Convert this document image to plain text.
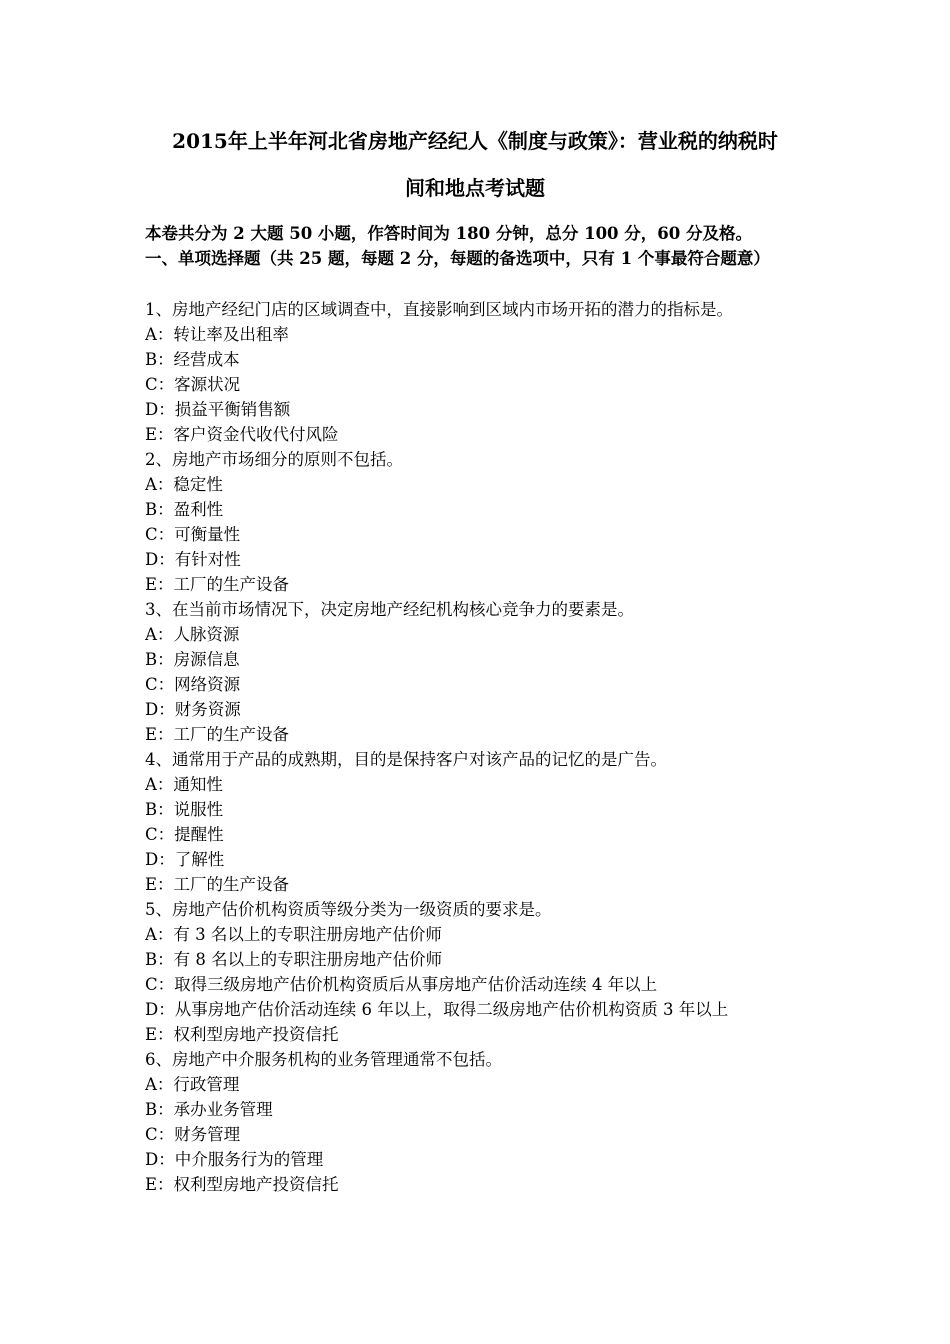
2015年上半年河北省房地产经纪人《制度与政策》：营业税的纳税时
间和地点考试题
本卷共分为 2 大题 50 小题，作答时间为 180 分钟，总分 100 分，60 分及格。
一、单项选择题（共 25 题，每题 2 分，每题的备选项中，只有 1 个事最符合题意）
1、房地产经纪门店的区域调查中，直接影响到区域内市场开拓的潜力的指标是。
A：转让率及出租率
B：经营成本
C：客源状况
D：损益平衡销售额
E：客户资金代收代付风险
2、房地产市场细分的原则不包括。
A：稳定性
B：盈利性
C：可衡量性
D：有针对性
E：工厂的生产设备
3、在当前市场情况下，决定房地产经纪机构核心竞争力的要素是。
A：人脉资源
B：房源信息
C：网络资源
D：财务资源
E：工厂的生产设备
4、通常用于产品的成熟期，目的是保持客户对该产品的记忆的是广告。
A：通知性
B：说服性
C：提醒性
D：了解性
E：工厂的生产设备
5、房地产估价机构资质等级分类为一级资质的要求是。
A：有 3 名以上的专职注册房地产估价师
B：有 8 名以上的专职注册房地产估价师
C：取得三级房地产估价机构资质后从事房地产估价活动连续 4 年以上
D：从事房地产估价活动连续 6 年以上，取得二级房地产估价机构资质 3 年以上
E：权利型房地产投资信托
6、房地产中介服务机构的业务管理通常不包括。
A：行政管理
B：承办业务管理
C：财务管理
D：中介服务行为的管理
E：权利型房地产投资信托
